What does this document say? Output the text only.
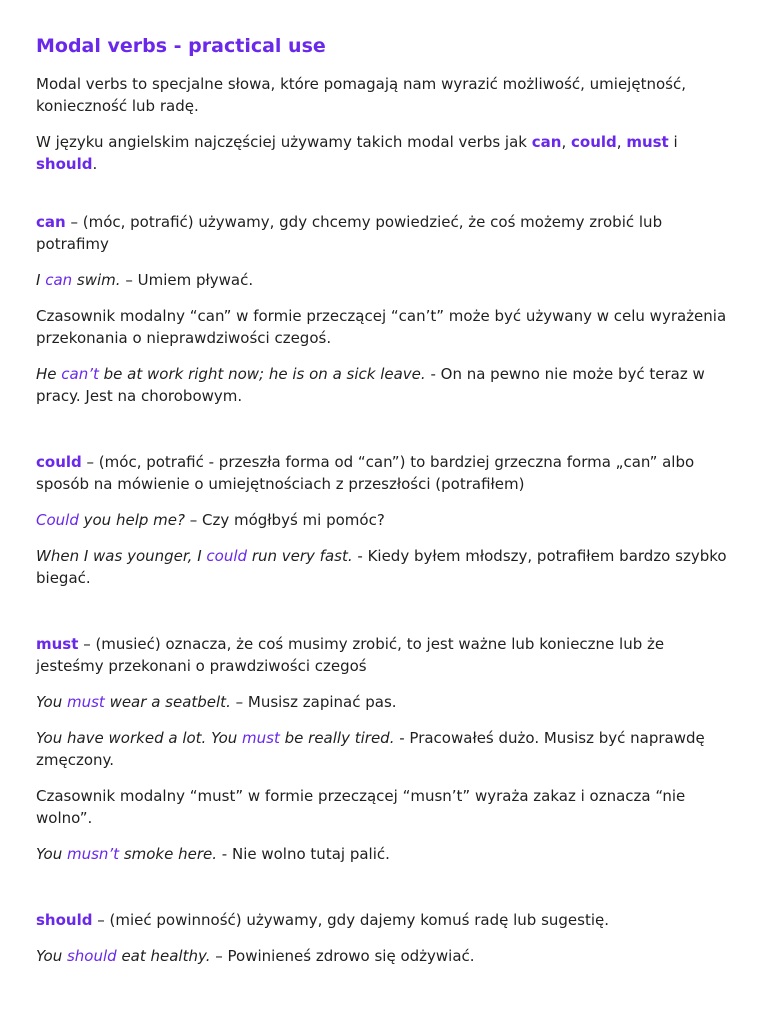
Modal verbs - practical use

Modal verbs to specjalne słowa, które pomagają nam wyrazić możliwość, umiejętność, konieczność lub radę.

W języku angielskim najczęściej używamy takich modal verbs jak can, could, must i should.

can – (móc, potrafić) używamy, gdy chcemy powiedzieć, że coś możemy zrobić lub potrafimy

I can swim. – Umiem pływać.

Czasownik modalny “can” w formie przeczącej “can’t” może być używany w celu wyrażenia przekonania o nieprawdziwości czegoś.

He can’t be at work right now; he is on a sick leave. - On na pewno nie może być teraz w pracy. Jest na chorobowym.

could – (móc, potrafić - przeszła forma od “can”) to bardziej grzeczna forma „can” albo sposób na mówienie o umiejętnościach z przeszłości (potrafiłem)

Could you help me? – Czy mógłbyś mi pomóc?

When I was younger, I could run very fast. - Kiedy byłem młodszy, potrafiłem bardzo szybko biegać.

must – (musieć) oznacza, że coś musimy zrobić, to jest ważne lub konieczne lub że jesteśmy przekonani o prawdziwości czegoś

You must wear a seatbelt. – Musisz zapinać pas.

You have worked a lot. You must be really tired. - Pracowałeś dużo. Musisz być naprawdę zmęczony.

Czasownik modalny “must” w formie przeczącej “musn’t” wyraża zakaz i oznacza “nie wolno”.

You musn’t smoke here. - Nie wolno tutaj palić.

should – (mieć powinność) używamy, gdy dajemy komuś radę lub sugestię.

You should eat healthy. – Powinieneś zdrowo się odżywiać.
